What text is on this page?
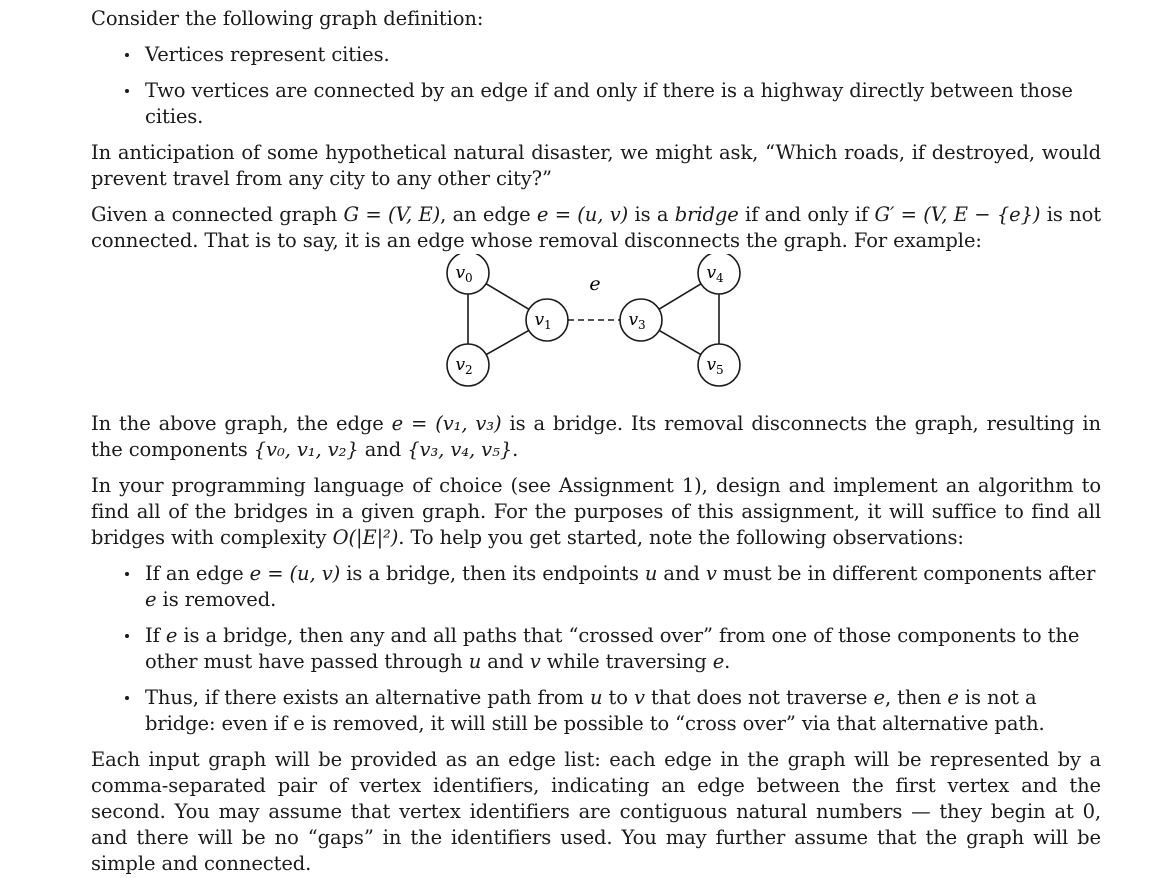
Consider the following graph definition:

Vertices represent cities.
Two vertices are connected by an edge if and only if there is a highway directly between those cities.

In anticipation of some hypothetical natural disaster, we might ask, “Which roads, if destroyed, would prevent travel from any city to any other city?”

Given a connected graph G = (V, E), an edge e = (u, v) is a bridge if and only if G′ = (V, E − {e}) is not connected. That is to say, it is an edge whose removal disconnects the graph. For example:

$v_0$
$v_1$
$v_2$
$v_3$
$v_4$
$v_5$
e

In the above graph, the edge e = (v₁, v₃) is a bridge. Its removal disconnects the graph, resulting in the components {v₀, v₁, v₂} and {v₃, v₄, v₅}.

In your programming language of choice (see Assignment 1), design and implement an algorithm to find all of the bridges in a given graph. For the purposes of this assignment, it will suffice to find all bridges with complexity O(|E|²). To help you get started, note the following observations:

If an edge e = (u, v) is a bridge, then its endpoints u and v must be in different components after e is removed.
If e is a bridge, then any and all paths that “crossed over” from one of those components to the other must have passed through u and v while traversing e.
Thus, if there exists an alternative path from u to v that does not traverse e, then e is not a bridge: even if e is removed, it will still be possible to “cross over” via that alternative path.

Each input graph will be provided as an edge list: each edge in the graph will be represented by a comma-separated pair of vertex identifiers, indicating an edge between the first vertex and the second. You may assume that vertex identifiers are contiguous natural numbers — they begin at 0, and there will be no “gaps” in the identifiers used. You may further assume that the graph will be simple and connected.
